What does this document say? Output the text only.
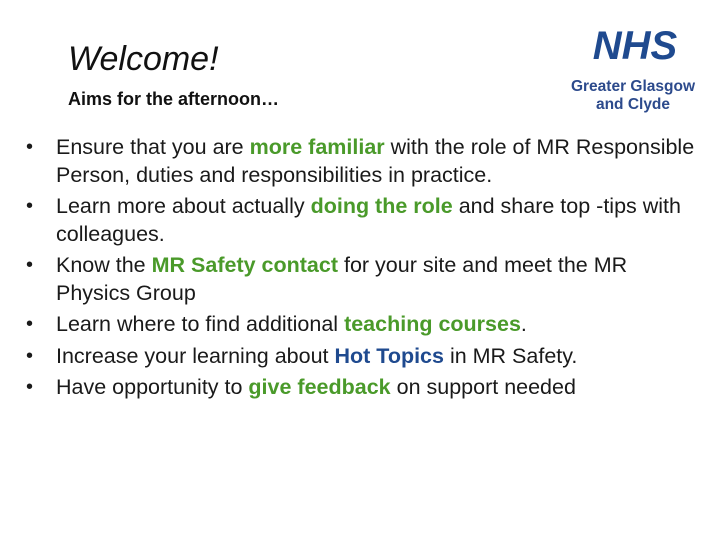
Welcome!
Aims for the afternoon…
NHS
Greater Glasgow
and Clyde
•	Ensure that you are more familiar with the role of MR Responsible Person, duties and responsibilities in practice.
•	Learn more about actually doing the role and share top -tips with colleagues.
•	Know the MR Safety contact for your site and meet the MR Physics Group
•	Learn where to find additional teaching courses.
•	Increase your learning about Hot Topics in MR Safety.
•	Have opportunity to give feedback on support needed
